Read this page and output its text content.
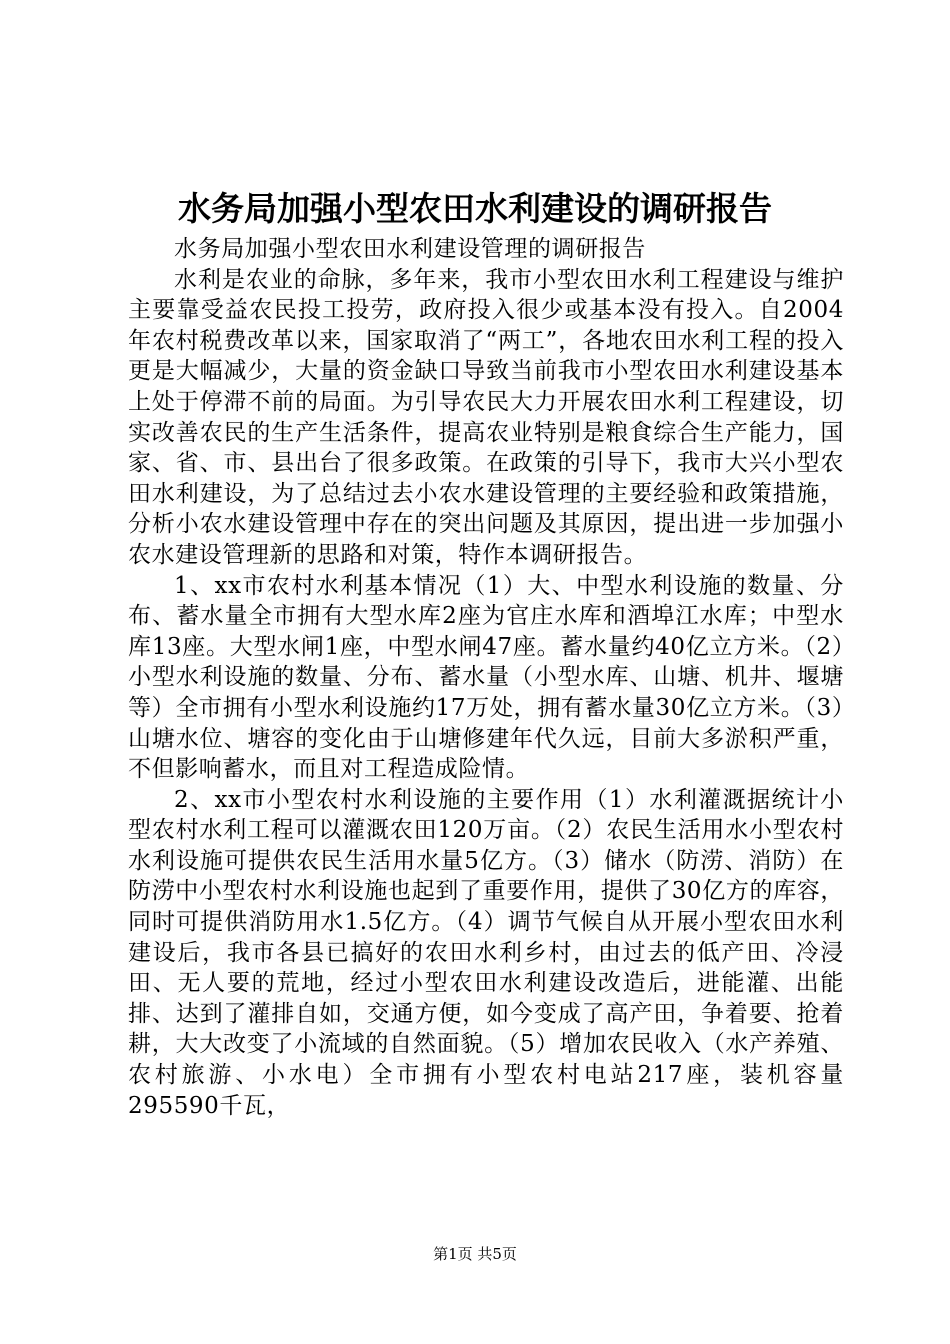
水务局加强小型农田水利建设的调研报告

水务局加强小型农田水利建设管理的调研报告

水利是农业的命脉，多年来，我市小型农田水利工程建设与维护主要靠受益农民投工投劳，政府投入很少或基本没有投入。自2004年农村税费改革以来，国家取消了“两工”，各地农田水利工程的投入更是大幅减少，大量的资金缺口导致当前我市小型农田水利建设基本上处于停滞不前的局面。为引导农民大力开展农田水利工程建设，切实改善农民的生产生活条件，提高农业特别是粮食综合生产能力，国家、省、市、县出台了很多政策。在政策的引导下，我市大兴小型农田水利建设，为了总结过去小农水建设管理的主要经验和政策措施，分析小农水建设管理中存在的突出问题及其原因，提出进一步加强小农水建设管理新的思路和对策，特作本调研报告。

1、xx市农村水利基本情况（1）大、中型水利设施的数量、分布、蓄水量全市拥有大型水库2座为官庄水库和酒埠江水库；中型水库13座。大型水闸1座，中型水闸47座。蓄水量约40亿立方米。（2）小型水利设施的数量、分布、蓄水量（小型水库、山塘、机井、堰塘等）全市拥有小型水利设施约17万处，拥有蓄水量30亿立方米。（3）山塘水位、塘容的变化由于山塘修建年代久远，目前大多淤积严重，不但影响蓄水，而且对工程造成险情。

2、xx市小型农村水利设施的主要作用（1）水利灌溉据统计小型农村水利工程可以灌溉农田120万亩。（2）农民生活用水小型农村水利设施可提供农民生活用水量5亿方。（3）储水（防涝、消防）在防涝中小型农村水利设施也起到了重要作用，提供了30亿方的库容，同时可提供消防用水1.5亿方。（4）调节气候自从开展小型农田水利建设后，我市各县已搞好的农田水利乡村，由过去的低产田、冷浸田、无人要的荒地，经过小型农田水利建设改造后，进能灌、出能排、达到了灌排自如，交通方便，如今变成了高产田，争着要、抢着耕，大大改变了小流域的自然面貌。（5）增加农民收入（水产养殖、农村旅游、小水电）全市拥有小型农村电站217座，装机容量295590千瓦，

第1页 共5页
